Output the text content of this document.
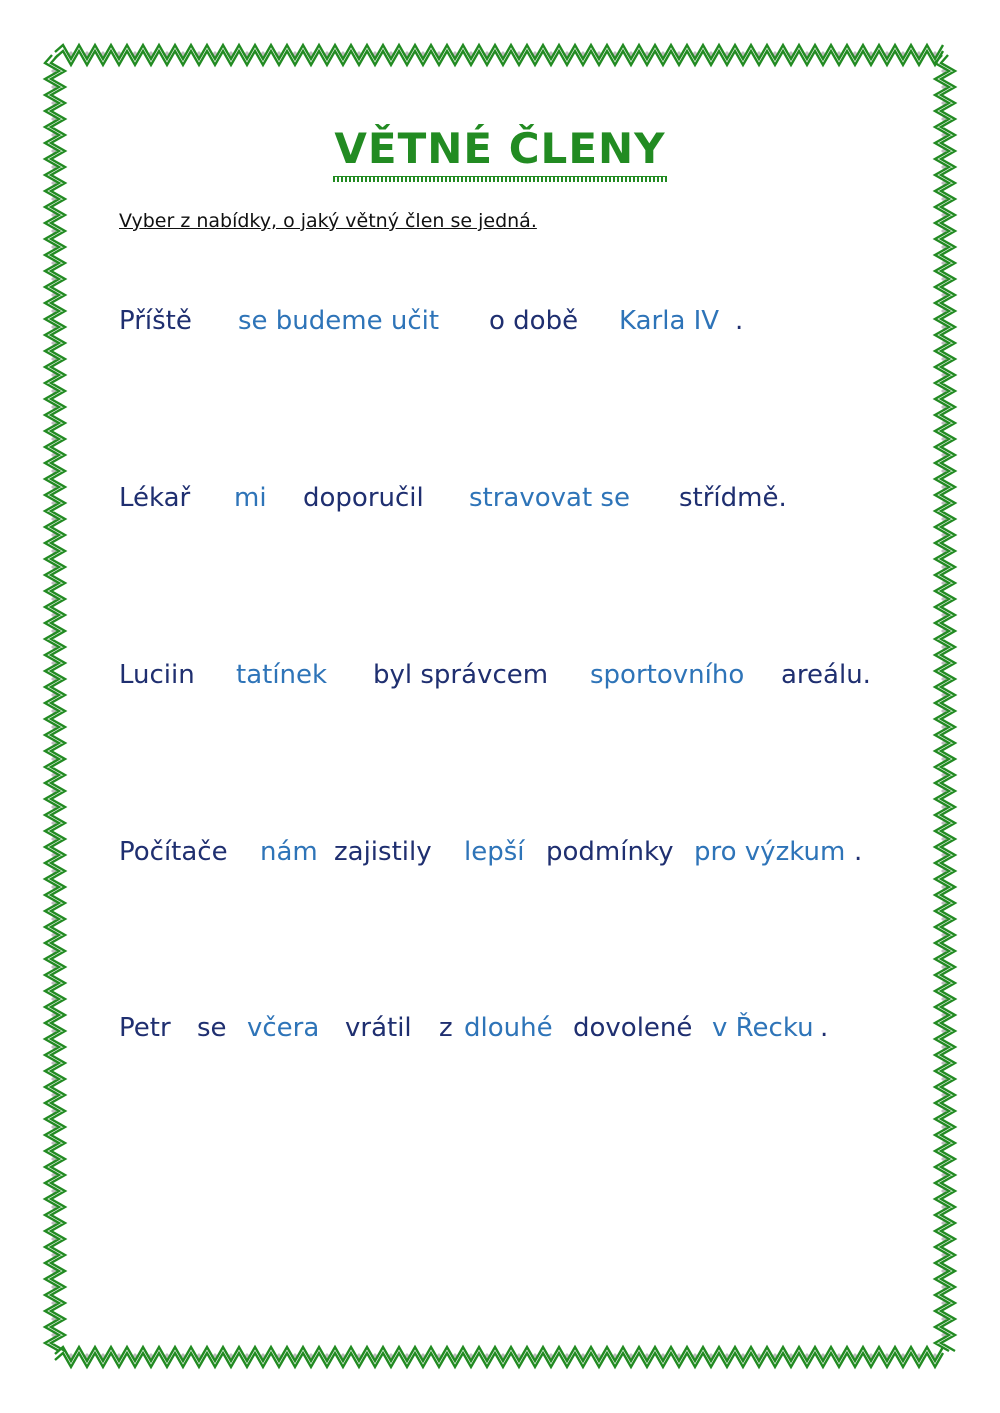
VĚTNÉ ČLENY

Vyber z nabídky, o jaký větný člen se jedná.

Příště se budeme učit o době Karla IV .
Lékař mi doporučil stravovat se střídmě.
Luciin tatínek byl správcem sportovního areálu.
Počítače nám zajistily lepší podmínky pro výzkum .
Petr se včera vrátil z dlouhé dovolené v Řecku .
